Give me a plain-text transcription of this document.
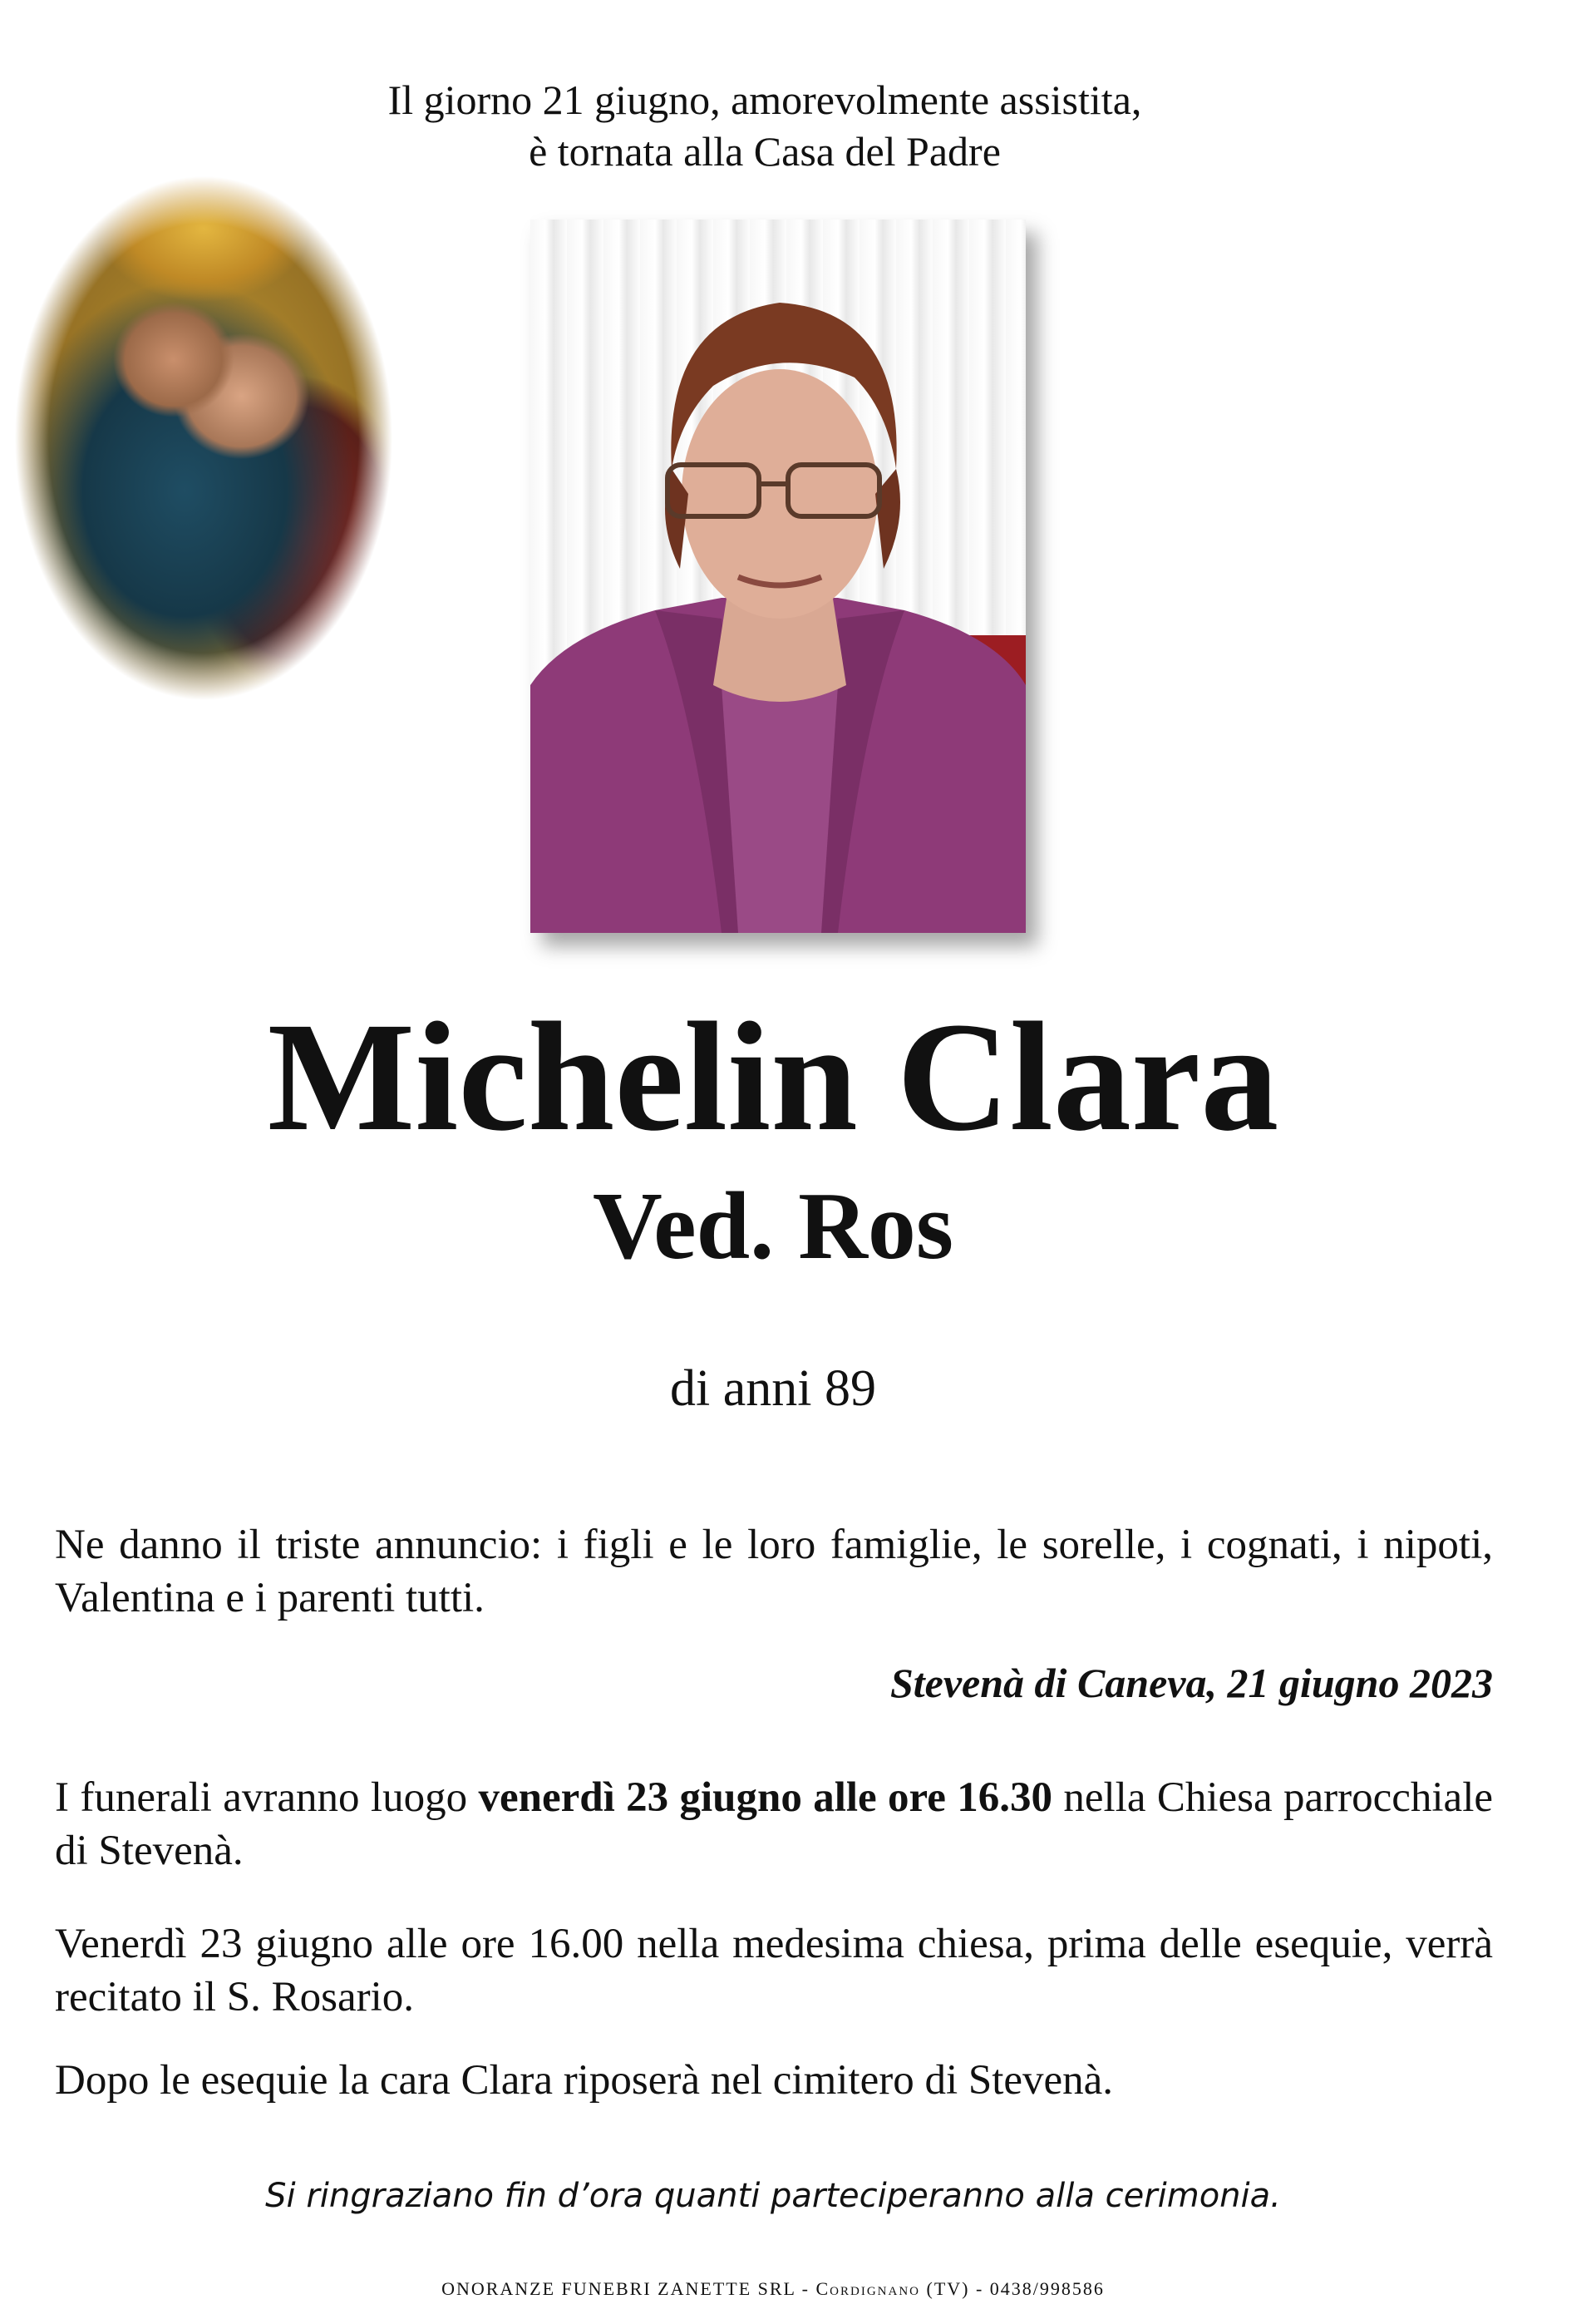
Il giorno 21 giugno, amorevolmente assistita,
è tornata alla Casa del Padre
Michelin Clara
Ved. Ros
di anni 89
Ne danno il triste annuncio: i figli e le loro famiglie, le sorelle, i cognati, i nipoti, Valentina e i parenti tutti.
Stevenà di Caneva, 21 giugno 2023
I funerali avranno luogo venerdì 23 giugno alle ore 16.30 nella Chiesa parrocchiale di Stevenà.
Venerdì 23 giugno alle ore 16.00 nella medesima chiesa, prima delle esequie, verrà recitato il S. Rosario.
Dopo le esequie la cara Clara riposerà nel cimitero di Stevenà.
Si ringraziano fin d’ora quanti parteciperanno alla cerimonia.
ONORANZE FUNEBRI ZANETTE SRL - Cordignano (TV) - 0438/998586
